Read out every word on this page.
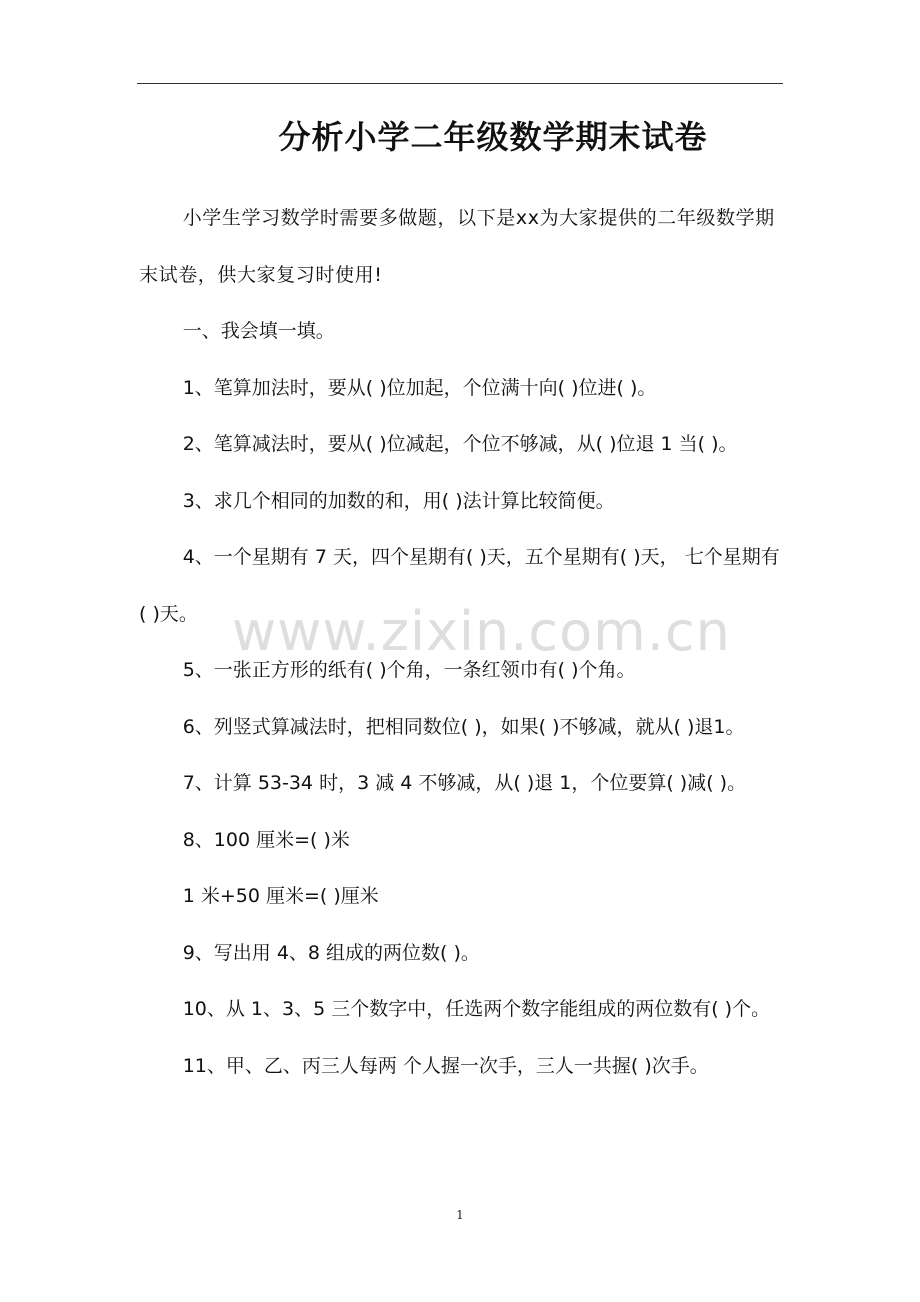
分析小学二年级数学期末试卷

小学生学习数学时需要多做题，以下是xx为大家提供的二年级数学期末试卷，供大家复习时使用!

一、我会填一填。

1、笔算加法时，要从( )位加起，个位满十向( )位进( )。

2、笔算减法时，要从( )位减起，个位不够减，从( )位退 1 当( )。

3、求几个相同的加数的和，用( )法计算比较简便。

4、一个星期有 7 天，四个星期有( )天，五个星期有( )天， 七个星期有( )天。

5、一张正方形的纸有( )个角，一条红领巾有( )个角。

6、列竖式算减法时，把相同数位( )，如果( )不够减，就从( )退1。

7、计算 53-34 时，3 减 4 不够减，从( )退 1，个位要算( )减( )。

8、100 厘米=( )米

1 米+50 厘米=( )厘米

9、写出用 4、8 组成的两位数( )。

10、从 1、3、5 三个数字中，任选两个数字能组成的两位数有( )个。

11、甲、乙、丙三人每两 个人握一次手，三人一共握( )次手。

www.zixin.com.cn
1
